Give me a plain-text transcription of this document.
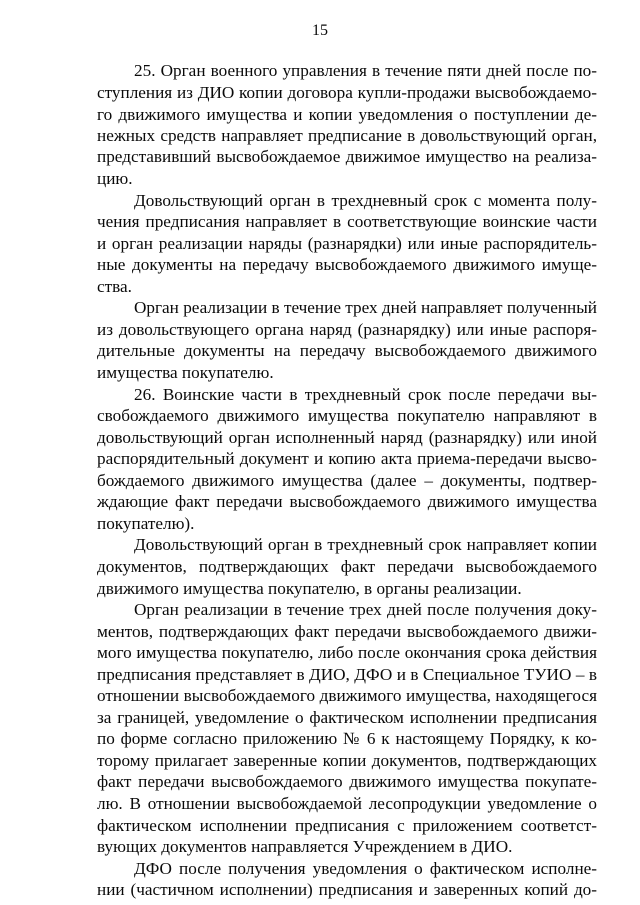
15
25. Орган военного управления в течение пяти дней после по-
ступления из ДИО копии договора купли-продажи высвобождаемо-
го движимого имущества и копии уведомления о поступлении де-
нежных средств направляет предписание в довольствующий орган,
представивший высвобождаемое движимое имущество на реализа-
цию.
Довольствующий орган в трехдневный срок с момента полу-
чения предписания направляет в соответствующие воинские части
и орган реализации наряды (разнарядки) или иные распорядитель-
ные документы на передачу высвобождаемого движимого имуще-
ства.
Орган реализации в течение трех дней направляет полученный
из довольствующего органа наряд (разнарядку) или иные распоря-
дительные документы на передачу высвобождаемого движимого
имущества покупателю.
26. Воинские части в трехдневный срок после передачи вы-
свобождаемого движимого имущества покупателю направляют в
довольствующий орган исполненный наряд (разнарядку) или иной
распорядительный документ и копию акта приема-передачи высво-
бождаемого движимого имущества (далее – документы, подтвер-
ждающие факт передачи высвобождаемого движимого имущества
покупателю).
Довольствующий орган в трехдневный срок направляет копии
документов, подтверждающих факт передачи высвобождаемого
движимого имущества покупателю, в органы реализации.
Орган реализации в течение трех дней после получения доку-
ментов, подтверждающих факт передачи высвобождаемого движи-
мого имущества покупателю, либо после окончания срока действия
предписания представляет в ДИО, ДФО и в Специальное ТУИО – в
отношении высвобождаемого движимого имущества, находящегося
за границей, уведомление о фактическом исполнении предписания
по форме согласно приложению № 6 к настоящему Порядку, к ко-
торому прилагает заверенные копии документов, подтверждающих
факт передачи высвобождаемого движимого имущества покупате-
лю. В отношении высвобождаемой лесопродукции уведомление о
фактическом исполнении предписания с приложением соответст-
вующих документов направляется Учреждением в ДИО.
ДФО после получения уведомления о фактическом исполне-
нии (частичном исполнении) предписания и заверенных копий до-
